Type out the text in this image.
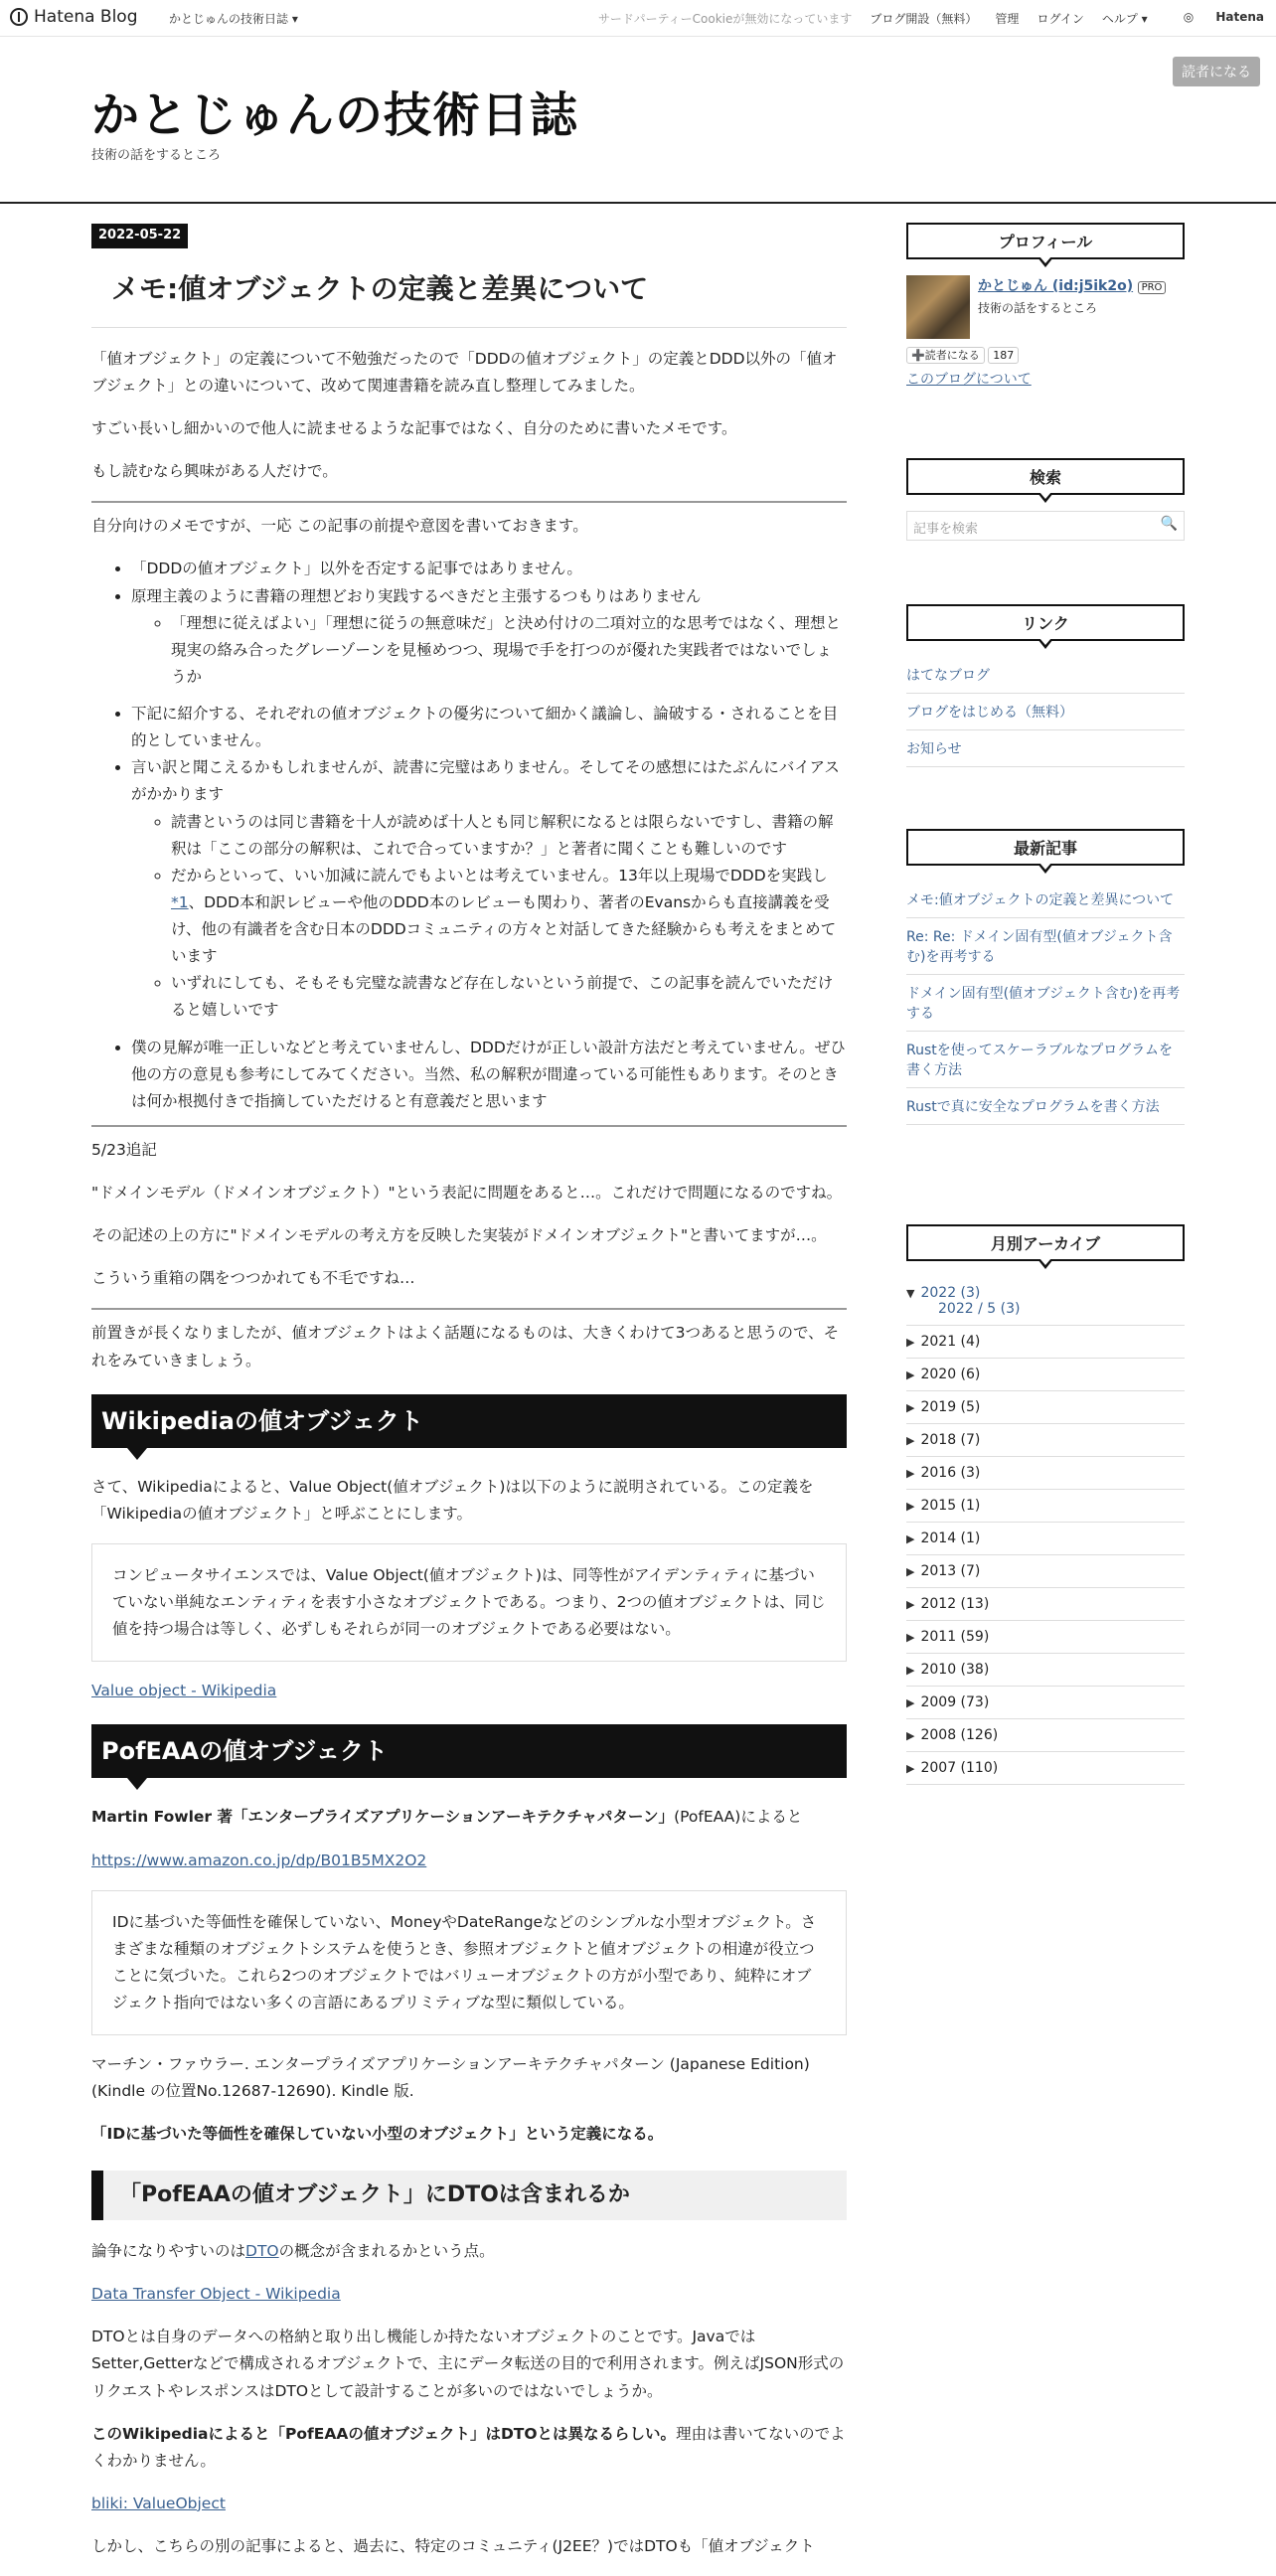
Hatena Blog	かとじゅんの技術日誌 ▾	サードパーティーCookieが無効になっています ブログ開設（無料） 管理 ログイン ヘルプ ▾	◎ Hatena
読者になる
かとじゅんの技術日誌
技術の話をするところ
2022-05-22
メモ:値オブジェクトの定義と差異について

「値オブジェクト」の定義について不勉強だったので「DDDの値オブジェクト」の定義とDDD以外の「値オブジェクト」との違いについて、改めて関連書籍を読み直し整理してみました。

すごい長いし細かいので他人に読ませるような記事ではなく、自分のために書いたメモです。

もし読むなら興味がある人だけで。

自分向けのメモですが、一応 この記事の前提や意図を書いておきます。

• 「DDDの値オブジェクト」以外を否定する記事ではありません。
• 原理主義のように書籍の理想どおり実践するべきだと主張するつもりはありません
◦ 「理想に従えばよい」「理想に従うの無意味だ」と決め付けの二項対立的な思考ではなく、理想と現実の絡み合ったグレーゾーンを見極めつつ、現場で手を打つのが優れた実践者ではないでしょうか
• 下記に紹介する、それぞれの値オブジェクトの優劣について細かく議論し、論破する・されることを目的としていません。
• 言い訳と聞こえるかもしれませんが、読書に完璧はありません。そしてその感想にはたぶんにバイアスがかかります
◦ 読書というのは同じ書籍を十人が読めば十人とも同じ解釈になるとは限らないですし、書籍の解釈は「ここの部分の解釈は、これで合っていますか？」と著者に聞くことも難しいのです
◦ だからといって、いい加減に読んでもよいとは考えていません。13年以上現場でDDDを実践し*1、DDD本和訳レビューや他のDDD本のレビューも関わり、著者のEvansからも直接講義を受け、他の有識者を含む日本のDDDコミュニティの方々と対話してきた経験からも考えをまとめています
◦ いずれにしても、そもそも完璧な読書など存在しないという前提で、この記事を読んでいただけると嬉しいです
• 僕の見解が唯一正しいなどと考えていませんし、DDDだけが正しい設計方法だと考えていません。ぜひ他の方の意見も参考にしてみてください。当然、私の解釈が間違っている可能性もあります。そのときは何か根拠付きで指摘していただけると有意義だと思います

5/23追記

"ドメインモデル（ドメインオブジェクト）"という表記に問題をあると…。これだけで問題になるのですね。

その記述の上の方に"ドメインモデルの考え方を反映した実装がドメインオブジェクト"と書いてますが…。

こういう重箱の隅をつつかれても不毛ですね…

前置きが長くなりましたが、値オブジェクトはよく話題になるものは、大きくわけて3つあると思うので、それをみていきましょう。

Wikipediaの値オブジェクト

さて、Wikipediaによると、Value Object(値オブジェクト)は以下のように説明されている。この定義を「Wikipediaの値オブジェクト」と呼ぶことにします。

コンピュータサイエンスでは、Value Object(値オブジェクト)は、同等性がアイデンティティに基づいていない単純なエンティティを表す小さなオブジェクトである。つまり、2つの値オブジェクトは、同じ値を持つ場合は等しく、必ずしもそれらが同一のオブジェクトである必要はない。

Value object - Wikipedia

PofEAAの値オブジェクト

Martin Fowler 著「エンタープライズアプリケーションアーキテクチャパターン」(PofEAA)によると

https://www.amazon.co.jp/dp/B01B5MX2O2

IDに基づいた等価性を確保していない、MoneyやDateRangeなどのシンプルな小型オブジェクト。さまざまな種類のオブジェクトシステムを使うとき、参照オブジェクトと値オブジェクトの相違が役立つことに気づいた。これら2つのオブジェクトではバリューオブジェクトの方が小型であり、純粋にオブジェクト指向ではない多くの言語にあるプリミティブな型に類似している。

マーチン・ファウラー. エンタープライズアプリケーションアーキテクチャパターン (Japanese Edition) (Kindle の位置No.12687-12690). Kindle 版.

「IDに基づいた等価性を確保していない小型のオブジェクト」という定義になる。

「PofEAAの値オブジェクト」にDTOは含まれるか

論争になりやすいのはDTOの概念が含まれるかという点。

Data Transfer Object - Wikipedia

DTOとは自身のデータへの格納と取り出し機能しか持たないオブジェクトのことです。JavaではSetter,Getterなどで構成されるオブジェクトで、主にデータ転送の目的で利用されます。例えばJSON形式のリクエストやレスポンスはDTOとして設計することが多いのではないでしょうか。

このWikipediaによると「PofEAAの値オブジェクト」はDTOとは異なるらしい。理由は書いてないのでよくわかりません。

bliki: ValueObject

しかし、こちらの別の記事によると、過去に、特定のコミュニティ(J2EE？)ではDTOも「値オブジェクト

プロフィール
かとじゅん (id:j5ik2o) PRO
技術の話をするところ
➕読者になる 187
このブログについて
検索
記事を検索	🔍
リンク
はてなブログ
ブログをはじめる（無料）
お知らせ
最新記事
メモ:値オブジェクトの定義と差異について
Re: Re: ドメイン固有型(値オブジェクト含む)を再考する
ドメイン固有型(値オブジェクト含む)を再考する
Rustを使ってスケーラブルなプログラムを書く方法
Rustで真に安全なプログラムを書く方法
月別アーカイブ
▼ 2022 (3)
2022 / 5 (3)
▶ 2021 (4)
▶ 2020 (6)
▶ 2019 (5)
▶ 2018 (7)
▶ 2016 (3)
▶ 2015 (1)
▶ 2014 (1)
▶ 2013 (7)
▶ 2012 (13)
▶ 2011 (59)
▶ 2010 (38)
▶ 2009 (73)
▶ 2008 (126)
▶ 2007 (110)
